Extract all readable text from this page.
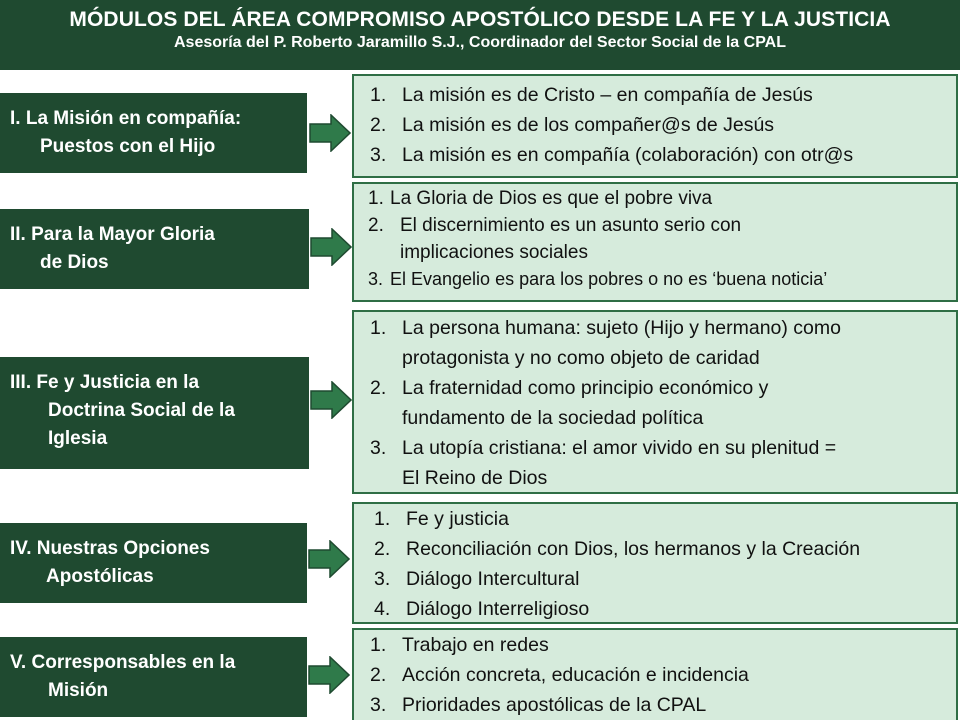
MÓDULOS DEL ÁREA COMPROMISO APOSTÓLICO DESDE LA FE Y LA JUSTICIA
Asesoría del P. Roberto Jaramillo S.J., Coordinador del Sector Social de la CPAL
I. La Misión en compañía:
Puestos con el Hijo
1. La misión es de Cristo – en compañía de Jesús
2. La misión es de los compañer@s de Jesús
3. La misión es en compañía (colaboración) con otr@s
II. Para la Mayor Gloria
de Dios
1. La Gloria de Dios es que el pobre viva
2. El discernimiento es un asunto serio con
implicaciones sociales
3. El Evangelio es para los pobres o no es ‘buena noticia’
III. Fe y Justicia en la
Doctrina Social de la
Iglesia
1. La persona humana: sujeto (Hijo y hermano) como
protagonista y no como objeto de caridad
2. La fraternidad como principio económico y
fundamento de la sociedad política
3. La utopía cristiana: el amor vivido en su plenitud =
El Reino de Dios
IV. Nuestras Opciones
Apostólicas
1. Fe y justicia
2. Reconciliación con Dios, los hermanos y la Creación
3. Diálogo Intercultural
4. Diálogo Interreligioso
V. Corresponsables en la
Misión
1. Trabajo en redes
2. Acción concreta, educación e incidencia
3. Prioridades apostólicas de la CPAL
